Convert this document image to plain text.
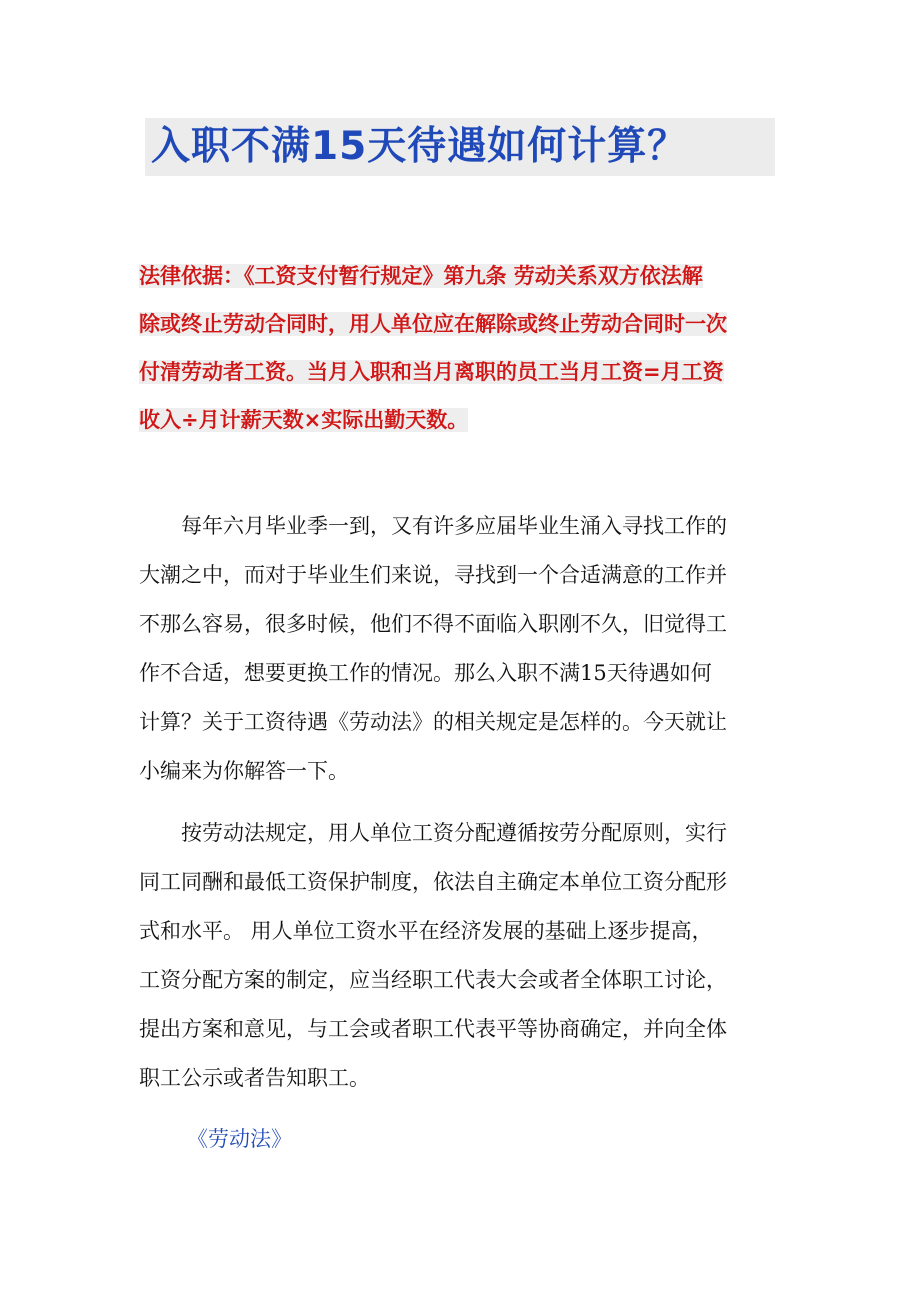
入职不满15天待遇如何计算？
法律依据：《工资支付暂行规定》第九条 劳动关系双方依法解
除或终止劳动合同时，用人单位应在解除或终止劳动合同时一次
付清劳动者工资。当月入职和当月离职的员工当月工资=月工资
收入÷月计薪天数×实际出勤天数。
　　每年六月毕业季一到，又有许多应届毕业生涌入寻找工作的
大潮之中，而对于毕业生们来说，寻找到一个合适满意的工作并
不那么容易，很多时候，他们不得不面临入职刚不久，旧觉得工
作不合适，想要更换工作的情况。那么入职不满15天待遇如何
计算？关于工资待遇《劳动法》的相关规定是怎样的。今天就让
小编来为你解答一下。
　　按劳动法规定，用人单位工资分配遵循按劳分配原则，实行
同工同酬和最低工资保护制度，依法自主确定本单位工资分配形
式和水平。 用人单位工资水平在经济发展的基础上逐步提高，
工资分配方案的制定，应当经职工代表大会或者全体职工讨论，
提出方案和意见，与工会或者职工代表平等协商确定，并向全体
职工公示或者告知职工。
《劳动法》
